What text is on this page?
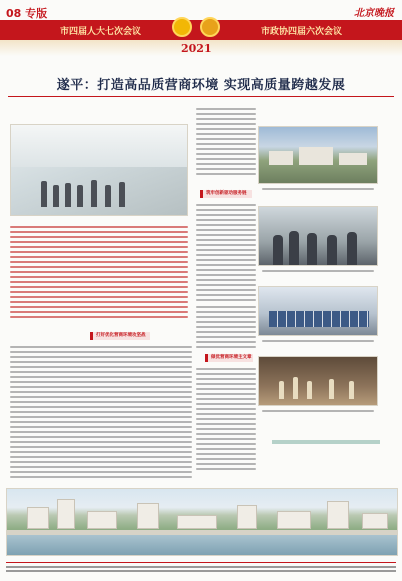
08 专版	北京晚报
市四届人大七次会议	市政协四届六次会议
2021
遂平：打造高品质营商环境 实现高质量跨越发展
打好优化营商环境攻坚战
筑牢创新驱动服务链
做优营商环境主文章
